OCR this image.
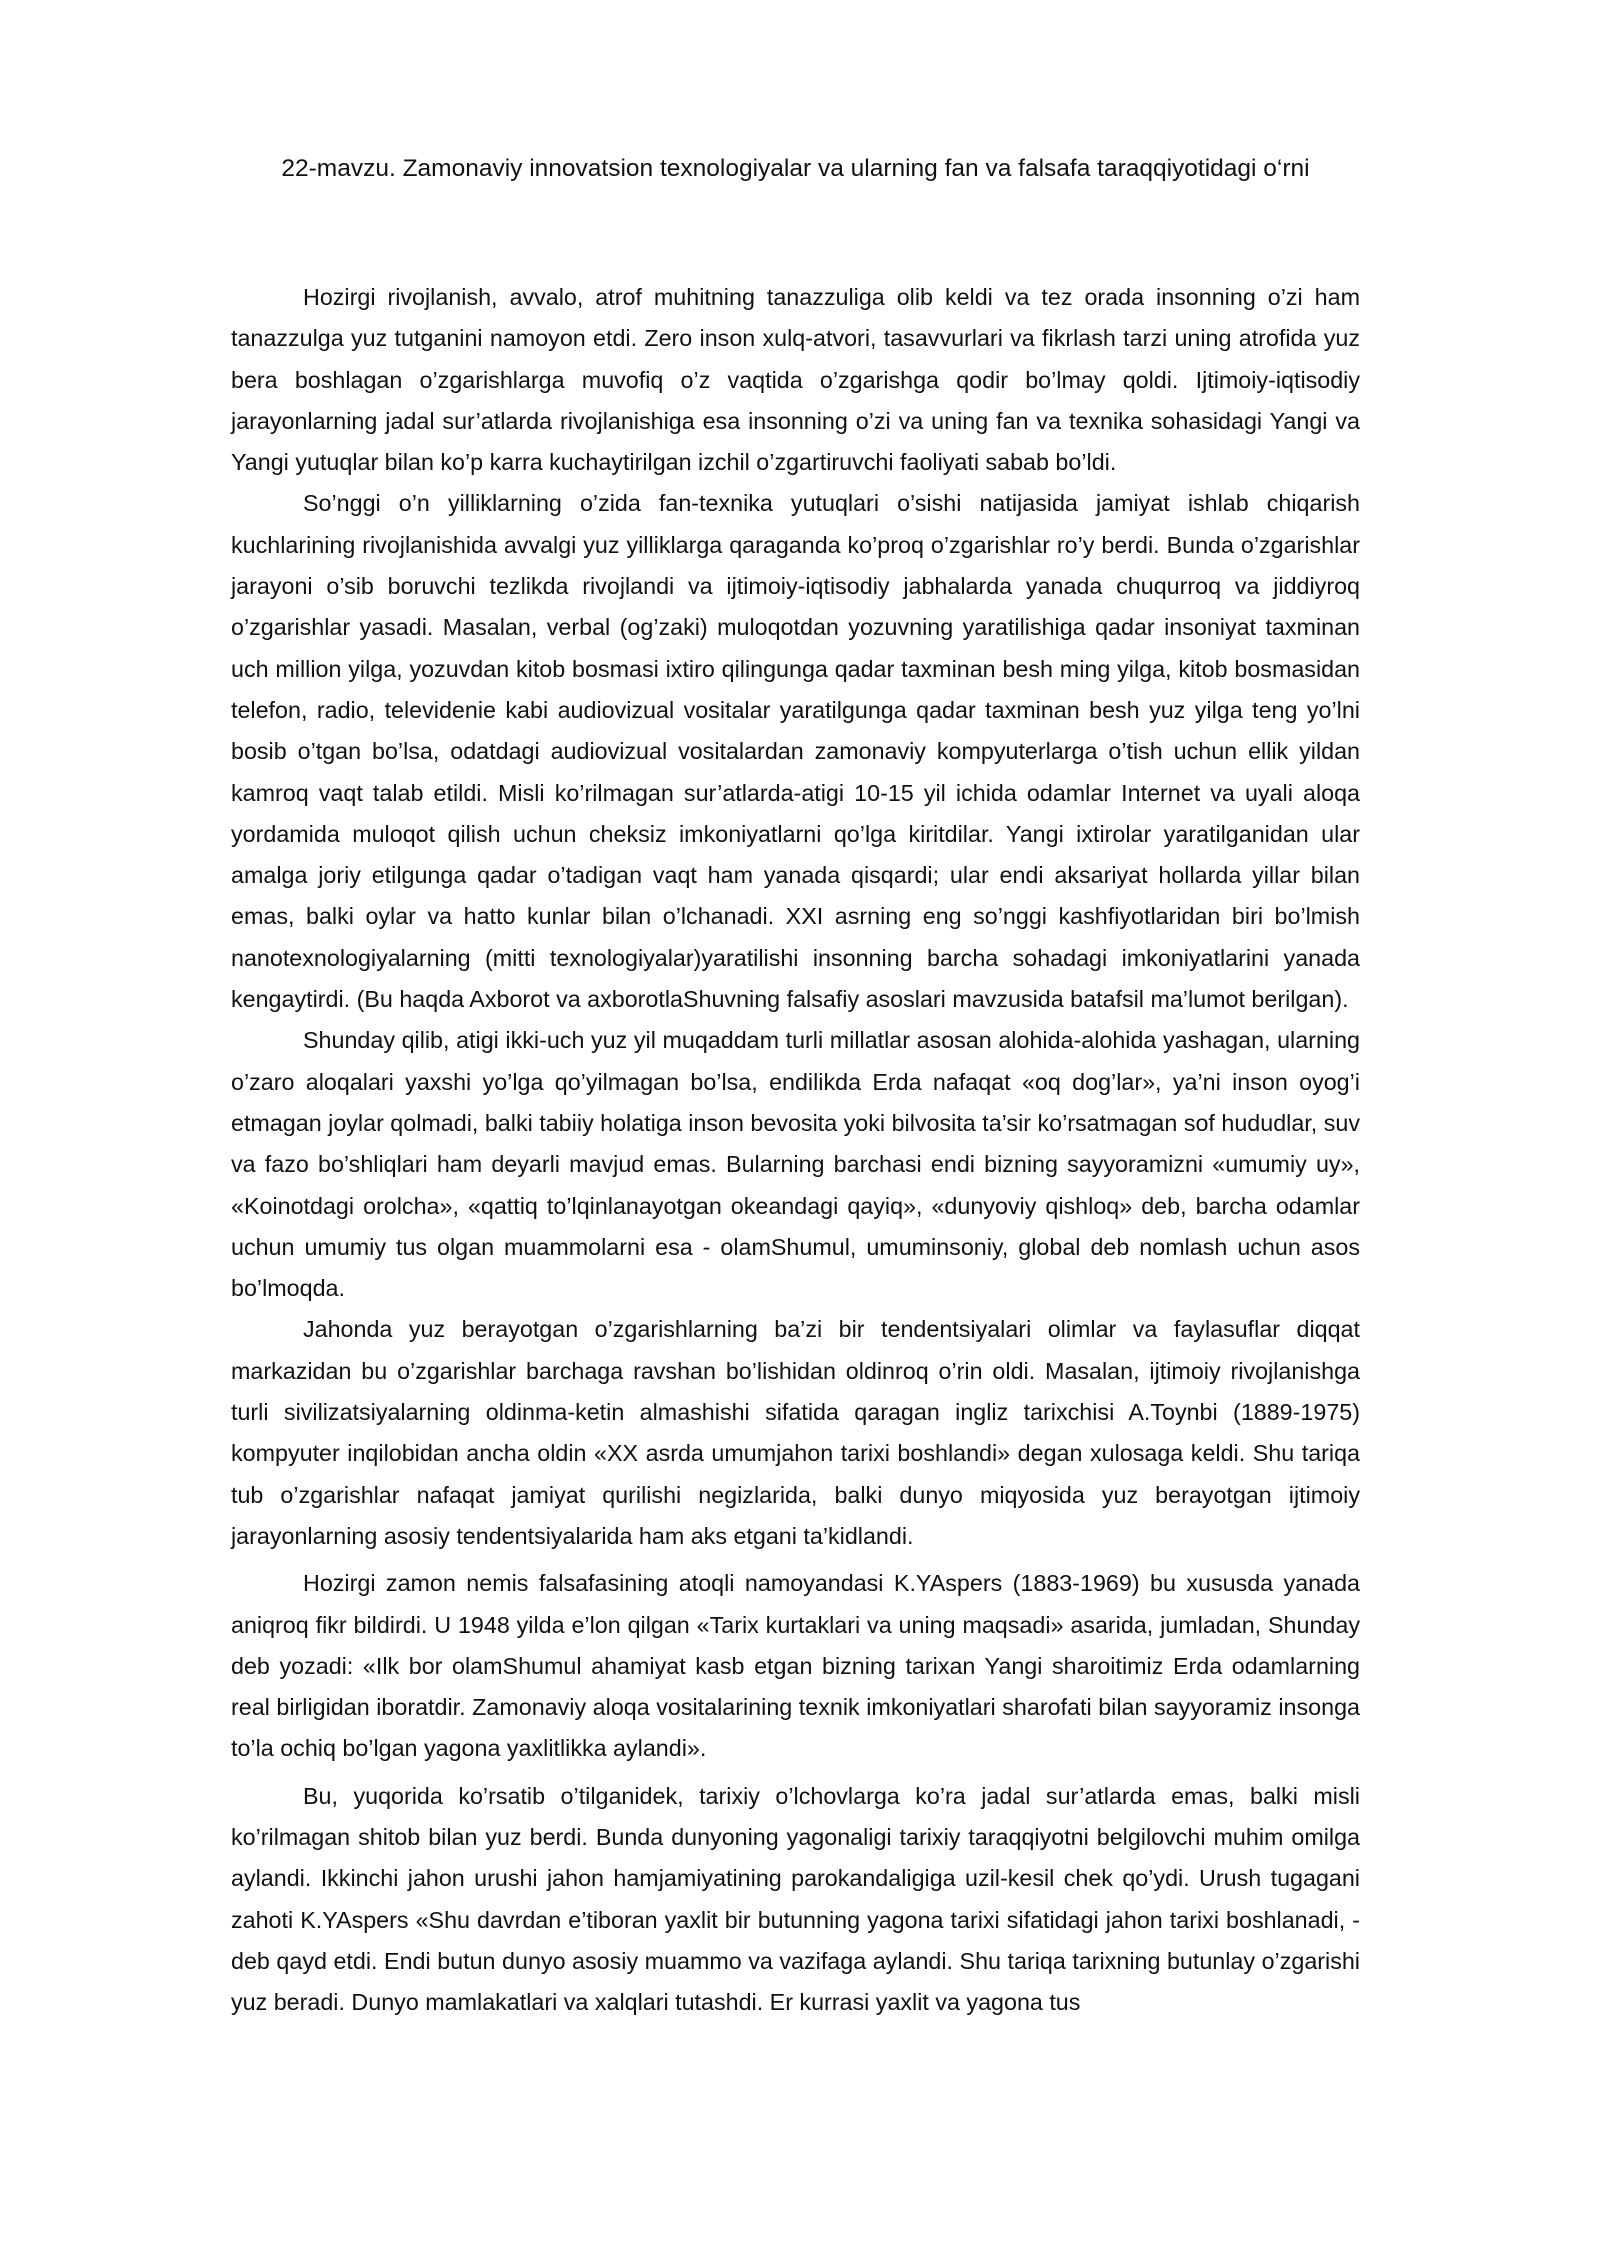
22-mavzu. Zamonaviy innovatsion texnologiyalar va ularning fan va falsafa taraqqiyotidagi o‘rni

Hozirgi rivojlanish, avvalo, atrof muhitning tanazzuliga olib keldi va tez orada insonning o’zi ham tanazzulga yuz tutganini namoyon etdi. Zero inson xulq-atvori, tasavvurlari va fikrlash tarzi uning atrofida yuz bera boshlagan o’zgarishlarga muvofiq o’z vaqtida o’zgarishga qodir bo’lmay qoldi. Ijtimoiy-iqtisodiy jarayonlarning jadal sur’atlarda rivojlanishiga esa insonning o’zi va uning fan va texnika sohasidagi Yangi va Yangi yutuqlar bilan ko’p karra kuchaytirilgan izchil o’zgartiruvchi faoliyati sabab bo’ldi.

So’nggi o’n yilliklarning o’zida fan-texnika yutuqlari o’sishi natijasida jamiyat ishlab chiqarish kuchlarining rivojlanishida avvalgi yuz yilliklarga qaraganda ko’proq o’zgarishlar ro’y berdi. Bunda o’zgarishlar jarayoni o’sib boruvchi tezlikda rivojlandi va ijtimoiy-iqtisodiy jabhalarda yanada chuqurroq va jiddiyroq o’zgarishlar yasadi. Masalan, verbal (og’zaki) muloqotdan yozuvning yaratilishiga qadar insoniyat taxminan uch million yilga, yozuvdan kitob bosmasi ixtiro qilingunga qadar taxminan besh ming yilga, kitob bosmasidan telefon, radio, televidenie kabi audiovizual vositalar yaratilgunga qadar taxminan besh yuz yilga teng yo’lni bosib o’tgan bo’lsa, odatdagi audiovizual vositalardan zamonaviy kompyuterlarga o’tish uchun ellik yildan kamroq vaqt talab etildi. Misli ko’rilmagan sur’atlarda-atigi 10-15 yil ichida odamlar Internet va uyali aloqa yordamida muloqot qilish uchun cheksiz imkoniyatlarni qo’lga kiritdilar. Yangi ixtirolar yaratilganidan ular amalga joriy etilgunga qadar o’tadigan vaqt ham yanada qisqardi; ular endi aksariyat hollarda yillar bilan emas, balki oylar va hatto kunlar bilan o’lchanadi. XXI asrning eng so’nggi kashfiyotlaridan biri bo’lmish nanotexnologiyalarning (mitti texnologiyalar)yaratilishi insonning barcha sohadagi imkoniyatlarini yanada kengaytirdi. (Bu haqda Axborot va axborotlaShuvning falsafiy asoslari mavzusida batafsil ma’lumot berilgan).

Shunday qilib, atigi ikki-uch yuz yil muqaddam turli millatlar asosan alohida-alohida yashagan, ularning o’zaro aloqalari yaxshi yo’lga qo’yilmagan bo’lsa, endilikda Erda nafaqat «oq dog’lar», ya’ni inson oyog’i etmagan joylar qolmadi, balki tabiiy holatiga inson bevosita yoki bilvosita ta’sir ko’rsatmagan sof hududlar, suv va fazo bo’shliqlari ham deyarli mavjud emas. Bularning barchasi endi bizning sayyoramizni «umumiy uy», «Koinotdagi orolcha», «qattiq to’lqinlanayotgan okeandagi qayiq», «dunyoviy qishloq» deb, barcha odamlar uchun umumiy tus olgan muammolarni esa - olamShumul, umuminsoniy, global deb nomlash uchun asos bo’lmoqda.

Jahonda yuz berayotgan o’zgarishlarning ba’zi bir tendentsiyalari olimlar va faylasuflar diqqat markazidan bu o’zgarishlar barchaga ravshan bo’lishidan oldinroq o’rin oldi. Masalan, ijtimoiy rivojlanishga turli sivilizatsiyalarning oldinma-ketin almashishi sifatida qaragan ingliz tarixchisi A.Toynbi (1889-1975) kompyuter inqilobidan ancha oldin «XX asrda umumjahon tarixi boshlandi» degan xulosaga keldi. Shu tariqa tub o’zgarishlar nafaqat jamiyat qurilishi negizlarida, balki dunyo miqyosida yuz berayotgan ijtimoiy jarayonlarning asosiy tendentsiyalarida ham aks etgani ta’kidlandi.

Hozirgi zamon nemis falsafasining atoqli namoyandasi K.YAspers (1883-1969) bu xususda yanada aniqroq fikr bildirdi. U 1948 yilda e’lon qilgan «Tarix kurtaklari va uning maqsadi» asarida, jumladan, Shunday deb yozadi: «Ilk bor olamShumul ahamiyat kasb etgan bizning tarixan Yangi sharoitimiz Erda odamlarning real birligidan iboratdir. Zamonaviy aloqa vositalarining texnik imkoniyatlari sharofati bilan sayyoramiz insonga to’la ochiq bo’lgan yagona yaxlitlikka aylandi».

Bu, yuqorida ko’rsatib o’tilganidek, tarixiy o’lchovlarga ko’ra jadal sur’atlarda emas, balki misli ko’rilmagan shitob bilan yuz berdi. Bunda dunyoning yagonaligi tarixiy taraqqiyotni belgilovchi muhim omilga aylandi. Ikkinchi jahon urushi jahon hamjamiyatining parokandaligiga uzil-kesil chek qo’ydi. Urush tugagani zahoti K.YAspers «Shu davrdan e’tiboran yaxlit bir butunning yagona tarixi sifatidagi jahon tarixi boshlanadi, - deb qayd etdi. Endi butun dunyo asosiy muammo va vazifaga aylandi. Shu tariqa tarixning butunlay o’zgarishi yuz beradi. Dunyo mamlakatlari va xalqlari tutashdi. Er kurrasi yaxlit va yagona tus
